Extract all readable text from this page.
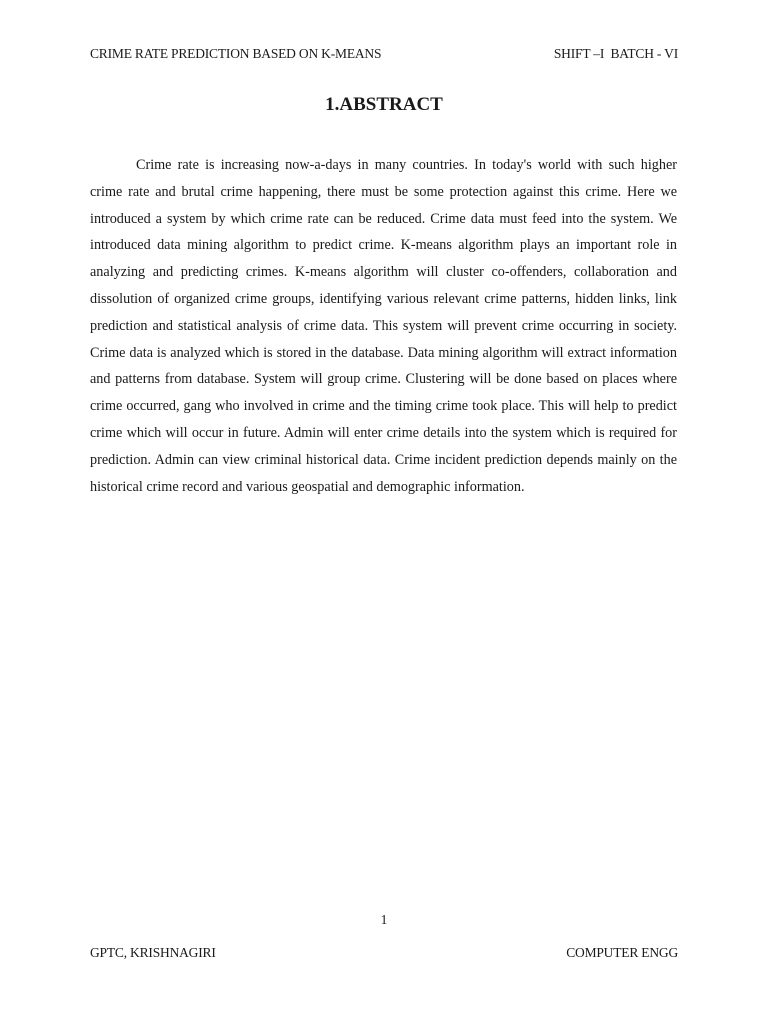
CRIME RATE PREDICTION BASED ON K-MEANS	SHIFT –I  BATCH - VI
1.ABSTRACT

Crime rate is increasing now-a-days in many countries. In today's world with such higher crime rate and brutal crime happening, there must be some protection against this crime. Here we introduced a system by which crime rate can be reduced. Crime data must feed into the system. We introduced data mining algorithm to predict crime. K-means algorithm plays an important role in analyzing and predicting crimes. K-means algorithm will cluster co-offenders, collaboration and dissolution of organized crime groups, identifying various relevant crime patterns, hidden links, link prediction and statistical analysis of crime data. This system will prevent crime occurring in society. Crime data is analyzed which is stored in the database. Data mining algorithm will extract information and patterns from database. System will group crime. Clustering will be done based on places where crime occurred, gang who involved in crime and the timing crime took place. This will help to predict crime which will occur in future. Admin will enter crime details into the system which is required for prediction. Admin can view criminal historical data. Crime incident prediction depends mainly on the historical crime record and various geospatial and demographic information.

1
GPTC, KRISHNAGIRI	COMPUTER ENGG
